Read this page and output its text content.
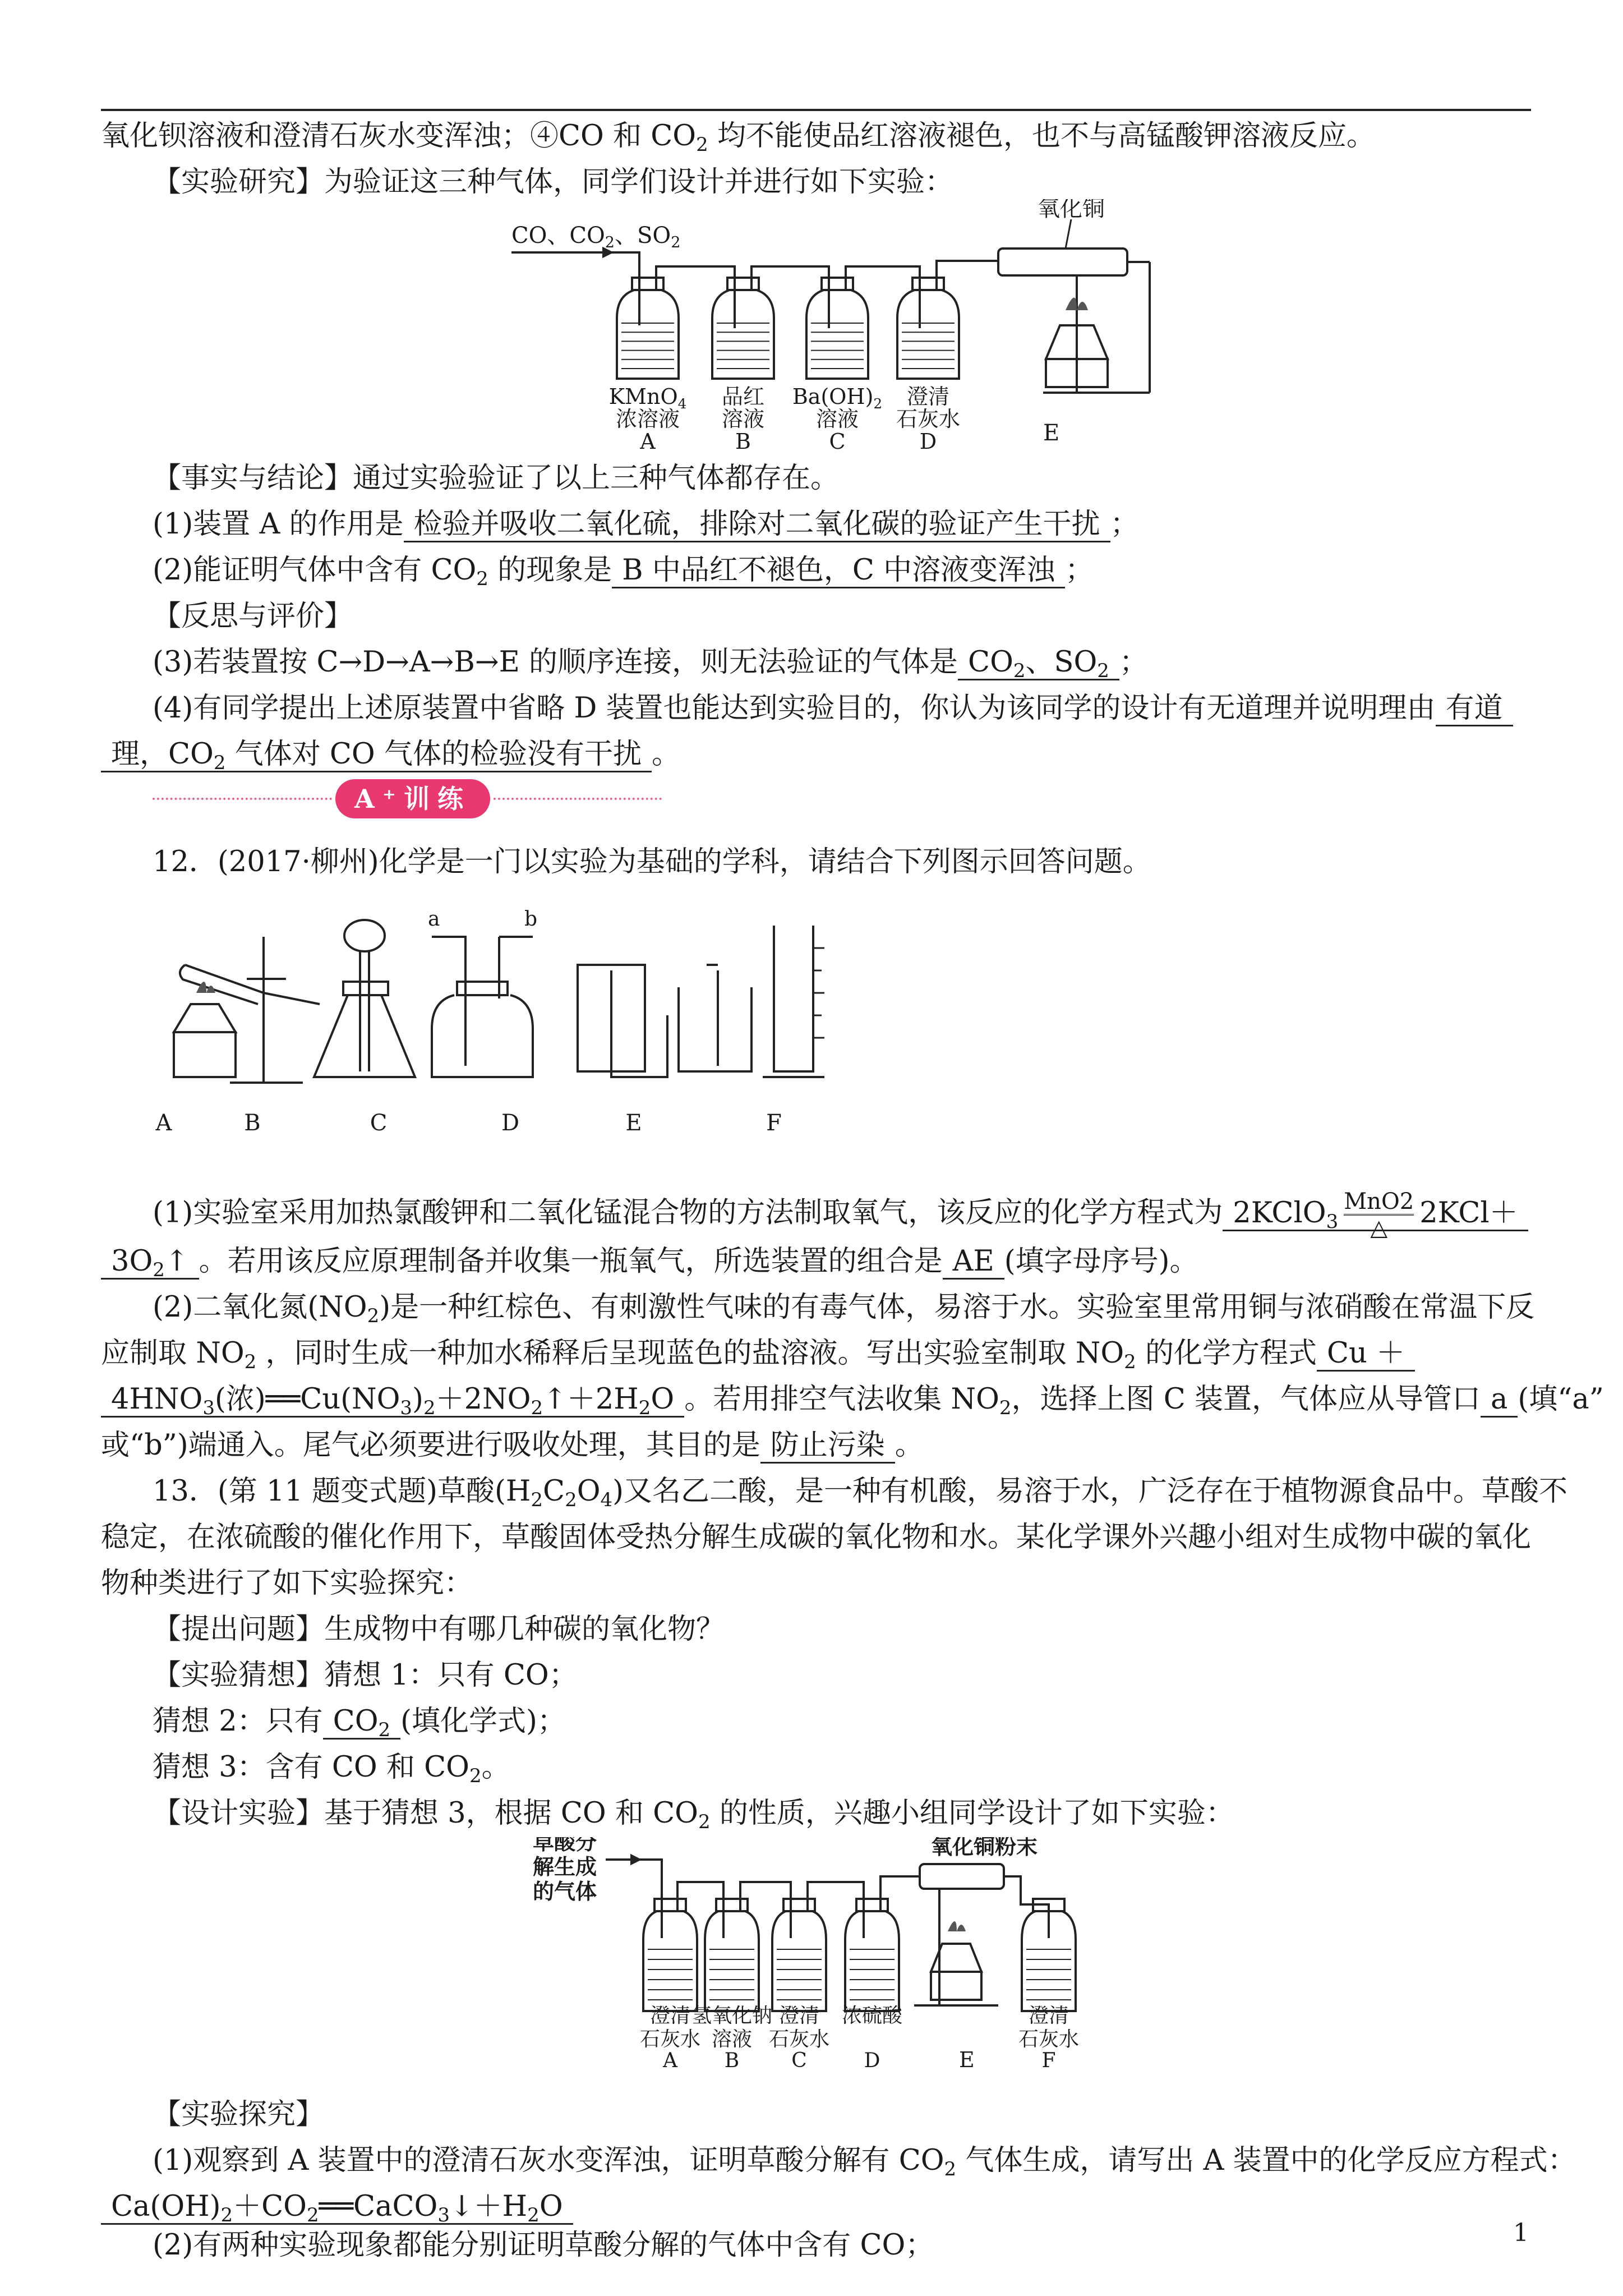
氧化钡溶液和澄清石灰水变浑浊；④CO 和 $CO_2$ 均不能使品红溶液褪色，也不与高锰酸钾溶液反应。
【实验研究】为验证这三种气体，同学们设计并进行如下实验：
CO、$CO_2$、$SO_2$
氧化铜
E
KMnO$_4$
浓溶液
A
品红
溶液
B
$Ba(OH)_2$
溶液
C
澄清
石灰水
D
【事实与结论】通过实验验证了以上三种气体都存在。
(1)装置 A 的作用是 检验并吸收二氧化硫，排除对二氧化碳的验证产生干扰 ；
(2)能证明气体中含有 $CO_2$ 的现象是 B 中品红不褪色，C 中溶液变浑浊 ；
【反思与评价】
(3)若装置按 C→D→A→B→E 的顺序连接，则无法验证的气体是 $CO_2$、$SO_2$ ；
(4)有同学提出上述原装置中省略 D 装置也能达到实验目的，你认为该同学的设计有无道理并说明理由 有道
理，$CO_2$ 气体对 CO 气体的检验没有干扰 。
A⁺训练
12．(2017·柳州)化学是一门以实验为基础的学科，请结合下列图示回答问题。
a	b
A	B	C	D	E	F
(1)实验室采用加热氯酸钾和二氧化锰混合物的方法制取氧气，该反应的化学方程式为 2KClO$_3$ $\frac{\text{MnO2}}{\triangle} 2KCl+$
$3O_2↑$ 。若用该反应原理制备并收集一瓶氧气，所选装置的组合是 AE (填字母序号)。
(2)二氧化氮$(NO_2)$是一种红棕色、有刺激性气味的有毒气体，易溶于水。实验室里常用铜与浓硝酸在常温下反
应制取 $NO_2$ ，同时生成一种加水稀释后呈现蓝色的盐溶液。写出实验室制取 $NO_2$ 的化学方程式 Cu ＋
$4HNO_3$(浓)$══Cu(NO_3)_2+2NO_2↑+2H_2O$ 。若用排空气法收集 $NO_2$，选择上图 C 装置，气体应从导管口 a (填“a”
或“b”)端通入。尾气必须要进行吸收处理，其目的是 防止污染 。
13．(第 11 题变式题)草酸$(H_2C_2O_4)$又名乙二酸，是一种有机酸，易溶于水，广泛存在于植物源食品中。草酸不
稳定，在浓硫酸的催化作用下，草酸固体受热分解生成碳的氧化物和水。某化学课外兴趣小组对生成物中碳的氧化
物种类进行了如下实验探究：
【提出问题】生成物中有哪几种碳的氧化物？
【实验猜想】猜想 1：只有 CO；
猜想 2：只有 $CO_2$ (填化学式)；
猜想 3：含有 CO 和 $CO_2$。
【设计实验】基于猜想 3，根据 CO 和 $CO_2$ 的性质，兴趣小组同学设计了如下实验：
草酸分
解生成
的气体
氧化铜粉末
E
澄清
石灰水
A
氢氧化钠
溶液
B
澄清
石灰水
C
浓硫酸
D
澄清
石灰水
F
【实验探究】
(1)观察到 A 装置中的澄清石灰水变浑浊，证明草酸分解有 $CO_2$ 气体生成，请写出 A 装置中的化学反应方程式：
$Ca(OH)_2+CO_2══CaCO_3↓+H_2O$
(2)有两种实验现象都能分别证明草酸分解的气体中含有 CO；	1
